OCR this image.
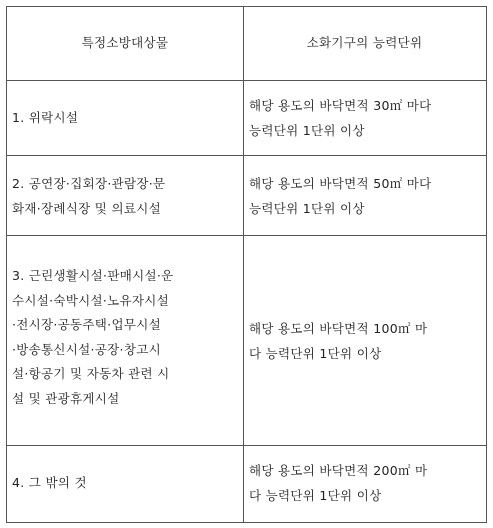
특정소방대상물	소화기구의 능력단위
1. 위락시설
해당 용도의 바닥면적 30㎡ 마다
능력단위 1단위 이상
2. 공연장·집회장·관람장·문
화재·장례식장 및 의료시설
해당 용도의 바닥면적 50㎡ 마다
능력단위 1단위 이상
3. 근린생활시설·판매시설·운
수시설·숙박시설·노유자시설
·전시장·공동주택·업무시설
·방송통신시설·공장·창고시
설·항공기 및 자동차 관련 시
설 및 관광휴게시설
해당 용도의 바닥면적 100㎡ 마
다 능력단위 1단위 이상
4. 그 밖의 것
해당 용도의 바닥면적 200㎡ 마
다 능력단위 1단위 이상
